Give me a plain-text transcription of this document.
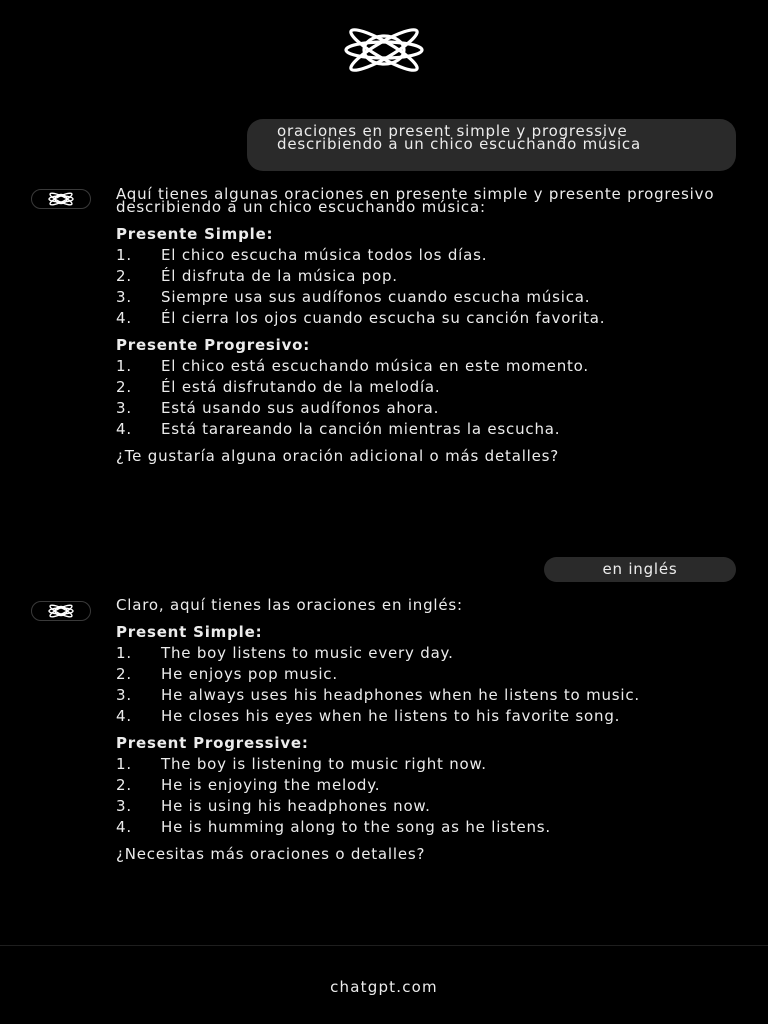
oraciones en present simple y progressive describiendo a un chico escuchando música

Aquí tienes algunas oraciones en presente simple y presente progresivo describiendo a un chico escuchando música:

Presente Simple:

1.	El chico escucha música todos los días.
2.	Él disfruta de la música pop.
3.	Siempre usa sus audífonos cuando escucha música.
4.	Él cierra los ojos cuando escucha su canción favorita.

Presente Progresivo:

1.	El chico está escuchando música en este momento.
2.	Él está disfrutando de la melodía.
3.	Está usando sus audífonos ahora.
4.	Está tarareando la canción mientras la escucha.

¿Te gustaría alguna oración adicional o más detalles?

en inglés

Claro, aquí tienes las oraciones en inglés:

Present Simple:

1.	The boy listens to music every day.
2.	He enjoys pop music.
3.	He always uses his headphones when he listens to music.
4.	He closes his eyes when he listens to his favorite song.

Present Progressive:

1.	The boy is listening to music right now.
2.	He is enjoying the melody.
3.	He is using his headphones now.
4.	He is humming along to the song as he listens.

¿Necesitas más oraciones o detalles?

chatgpt.com
